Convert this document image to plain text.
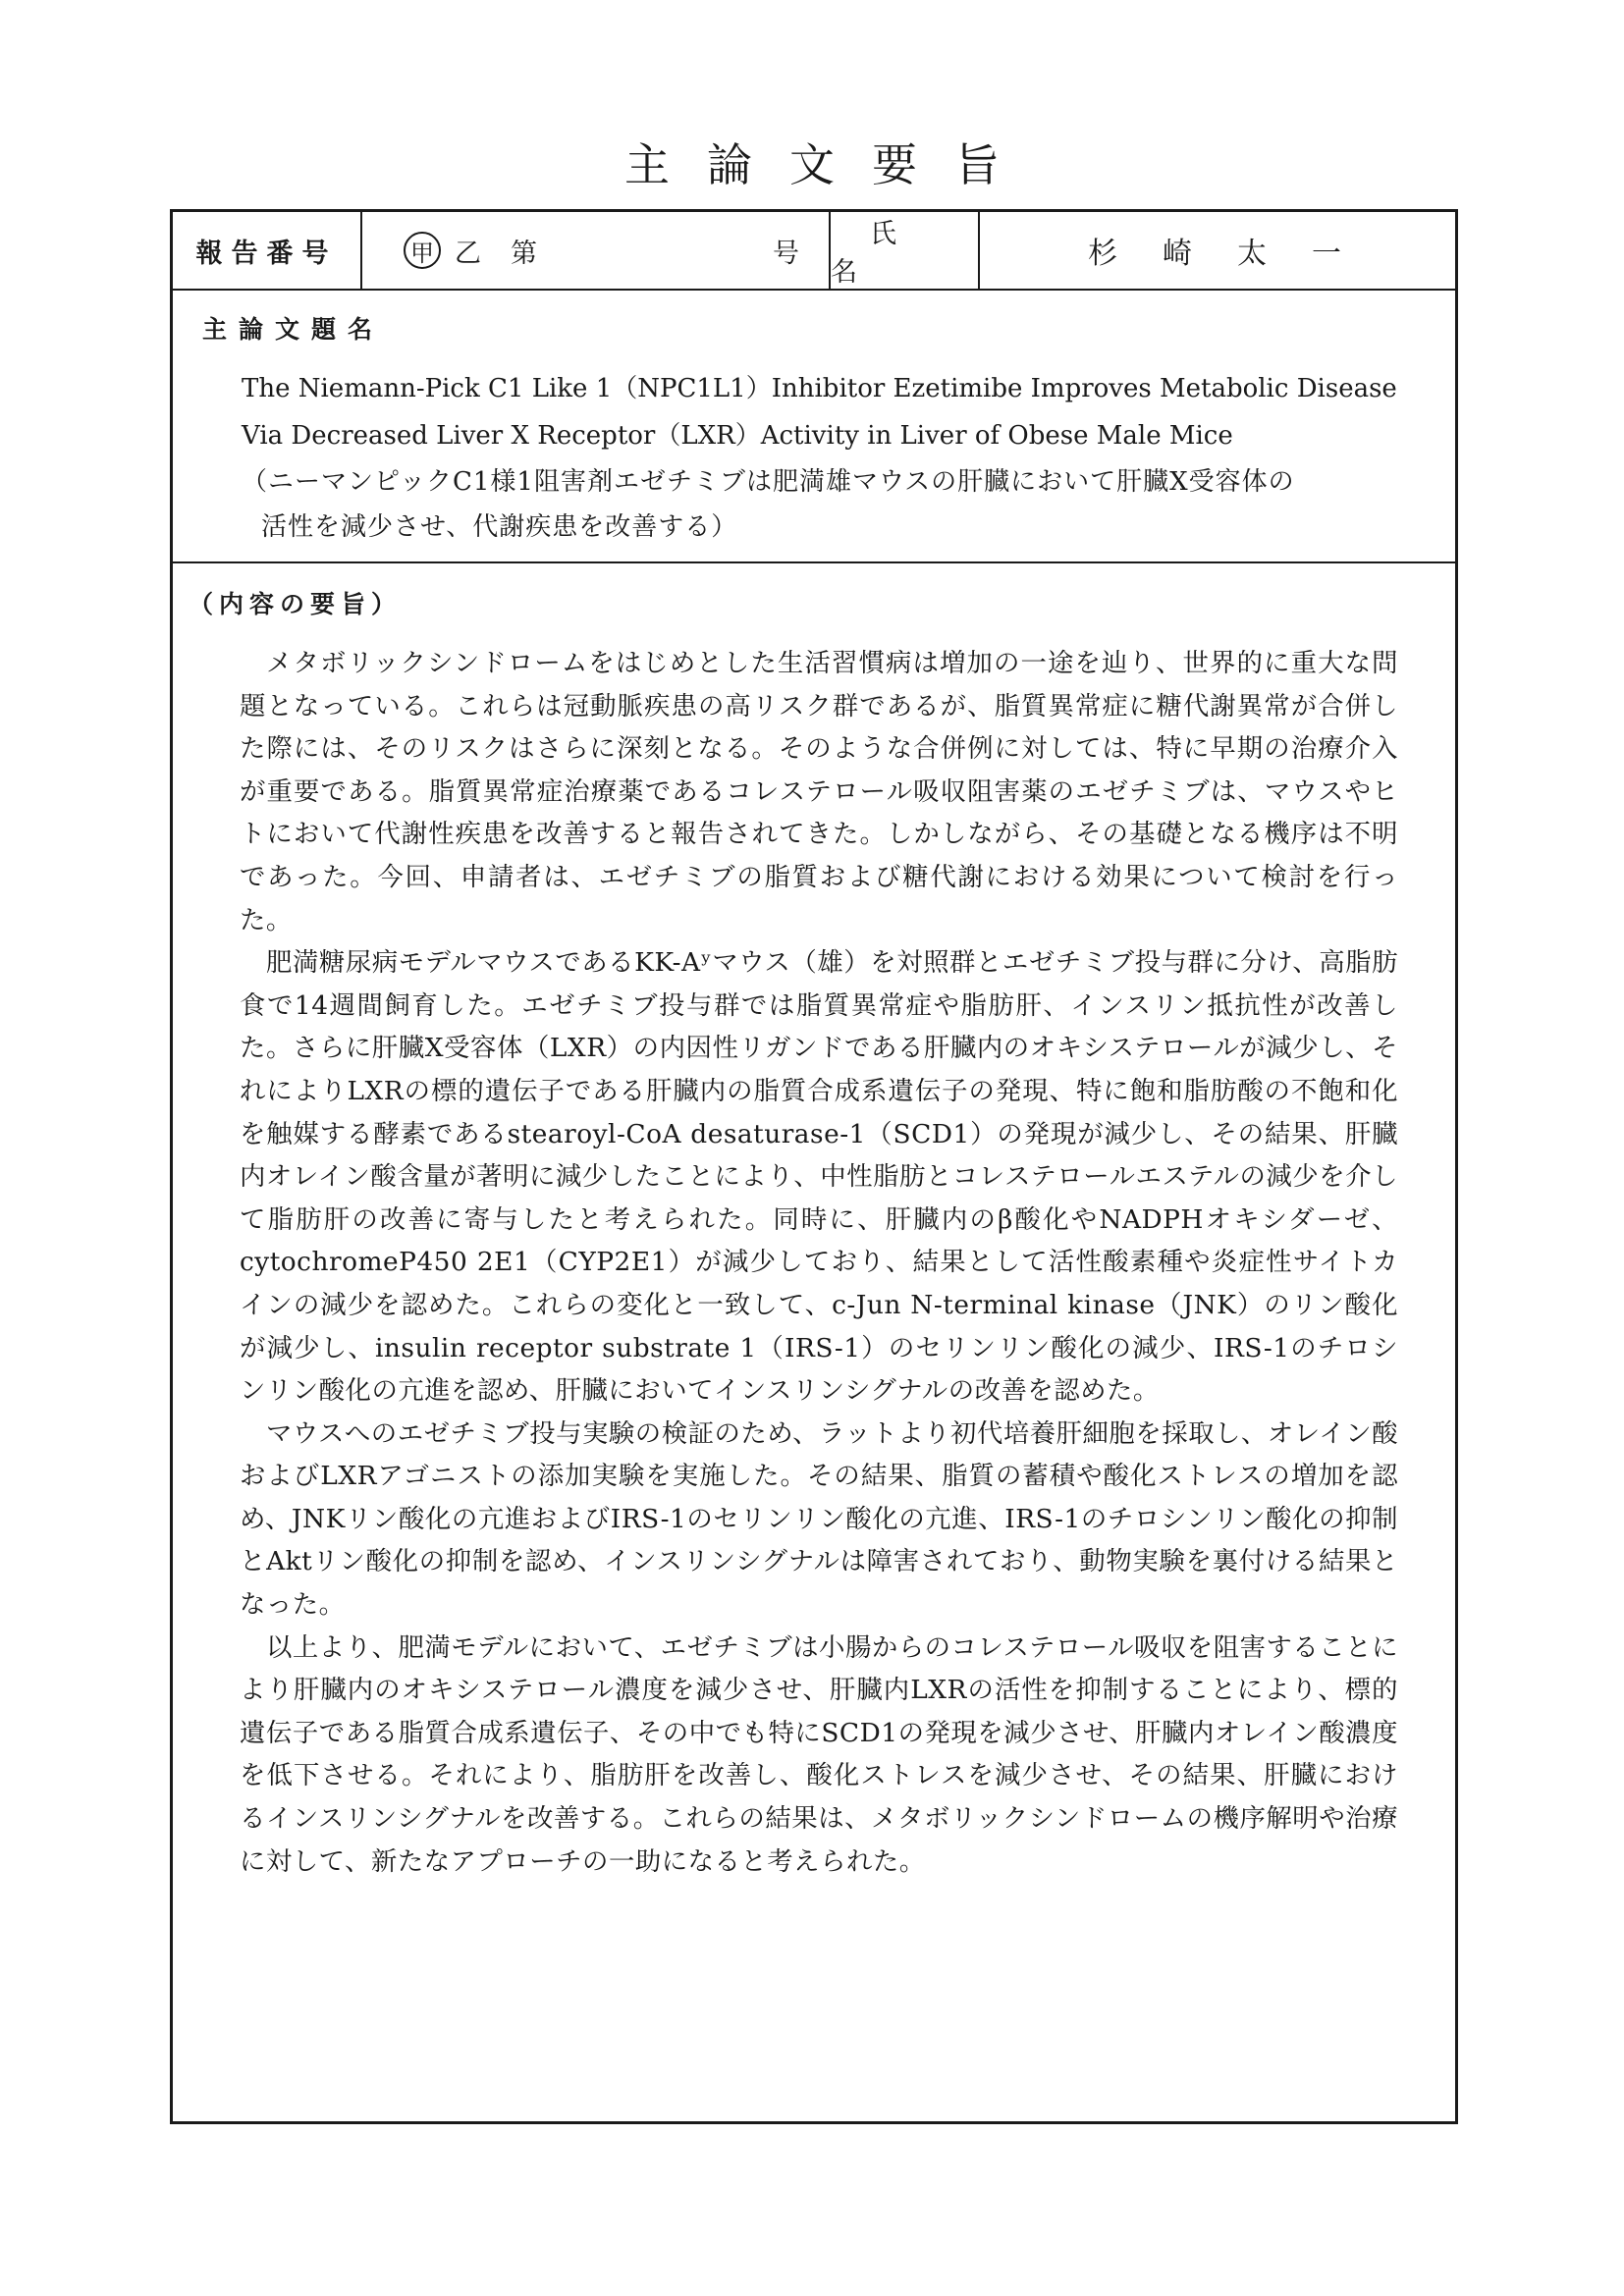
主論文要旨
報告番号	甲 乙 第	号
氏名
杉崎太一
主論文題名
The Niemann-Pick C1 Like 1（NPC1L1）Inhibitor Ezetimibe Improves Metabolic Disease
Via Decreased Liver X Receptor（LXR）Activity in Liver of Obese Male Mice

（ニーマンピックC1様1阻害剤エゼチミブは肥満雄マウスの肝臓において肝臓X受容体の

活性を減少させ、代謝疾患を改善する）

（内容の要旨）

メタボリックシンドロームをはじめとした生活習慣病は増加の一途を辿り、世界的に重大な問題となっている。これらは冠動脈疾患の高リスク群であるが、脂質異常症に糖代謝異常が合併した際には、そのリスクはさらに深刻となる。そのような合併例に対しては、特に早期の治療介入が重要である。脂質異常症治療薬であるコレステロール吸収阻害薬のエゼチミブは、マウスやヒトにおいて代謝性疾患を改善すると報告されてきた。しかしながら、その基礎となる機序は不明であった。今回、申請者は、エゼチミブの脂質および糖代謝における効果について検討を行った。

肥満糖尿病モデルマウスであるKK-Aʸマウス（雄）を対照群とエゼチミブ投与群に分け、高脂肪食で14週間飼育した。エゼチミブ投与群では脂質異常症や脂肪肝、インスリン抵抗性が改善した。さらに肝臓X受容体（LXR）の内因性リガンドである肝臓内のオキシステロールが減少し、それによりLXRの標的遺伝子である肝臓内の脂質合成系遺伝子の発現、特に飽和脂肪酸の不飽和化を触媒する酵素であるstearoyl-CoA desaturase-1（SCD1）の発現が減少し、その結果、肝臓内オレイン酸含量が著明に減少したことにより、中性脂肪とコレステロールエステルの減少を介して脂肪肝の改善に寄与したと考えられた。同時に、肝臓内のβ酸化やNADPHオキシダーゼ、cytochromeP450 2E1（CYP2E1）が減少しており、結果として活性酸素種や炎症性サイトカインの減少を認めた。これらの変化と一致して、c-Jun N-terminal kinase（JNK）のリン酸化が減少し、insulin receptor substrate 1（IRS-1）のセリンリン酸化の減少、IRS-1のチロシンリン酸化の亢進を認め、肝臓においてインスリンシグナルの改善を認めた。

マウスへのエゼチミブ投与実験の検証のため、ラットより初代培養肝細胞を採取し、オレイン酸およびLXRアゴニストの添加実験を実施した。その結果、脂質の蓄積や酸化ストレスの増加を認め、JNKリン酸化の亢進およびIRS-1のセリンリン酸化の亢進、IRS-1のチロシンリン酸化の抑制とAktリン酸化の抑制を認め、インスリンシグナルは障害されており、動物実験を裏付ける結果となった。

以上より、肥満モデルにおいて、エゼチミブは小腸からのコレステロール吸収を阻害することにより肝臓内のオキシステロール濃度を減少させ、肝臓内LXRの活性を抑制することにより、標的遺伝子である脂質合成系遺伝子、その中でも特にSCD1の発現を減少させ、肝臓内オレイン酸濃度を低下させる。それにより、脂肪肝を改善し、酸化ストレスを減少させ、その結果、肝臓におけるインスリンシグナルを改善する。これらの結果は、メタボリックシンドロームの機序解明や治療に対して、新たなアプローチの一助になると考えられた。
